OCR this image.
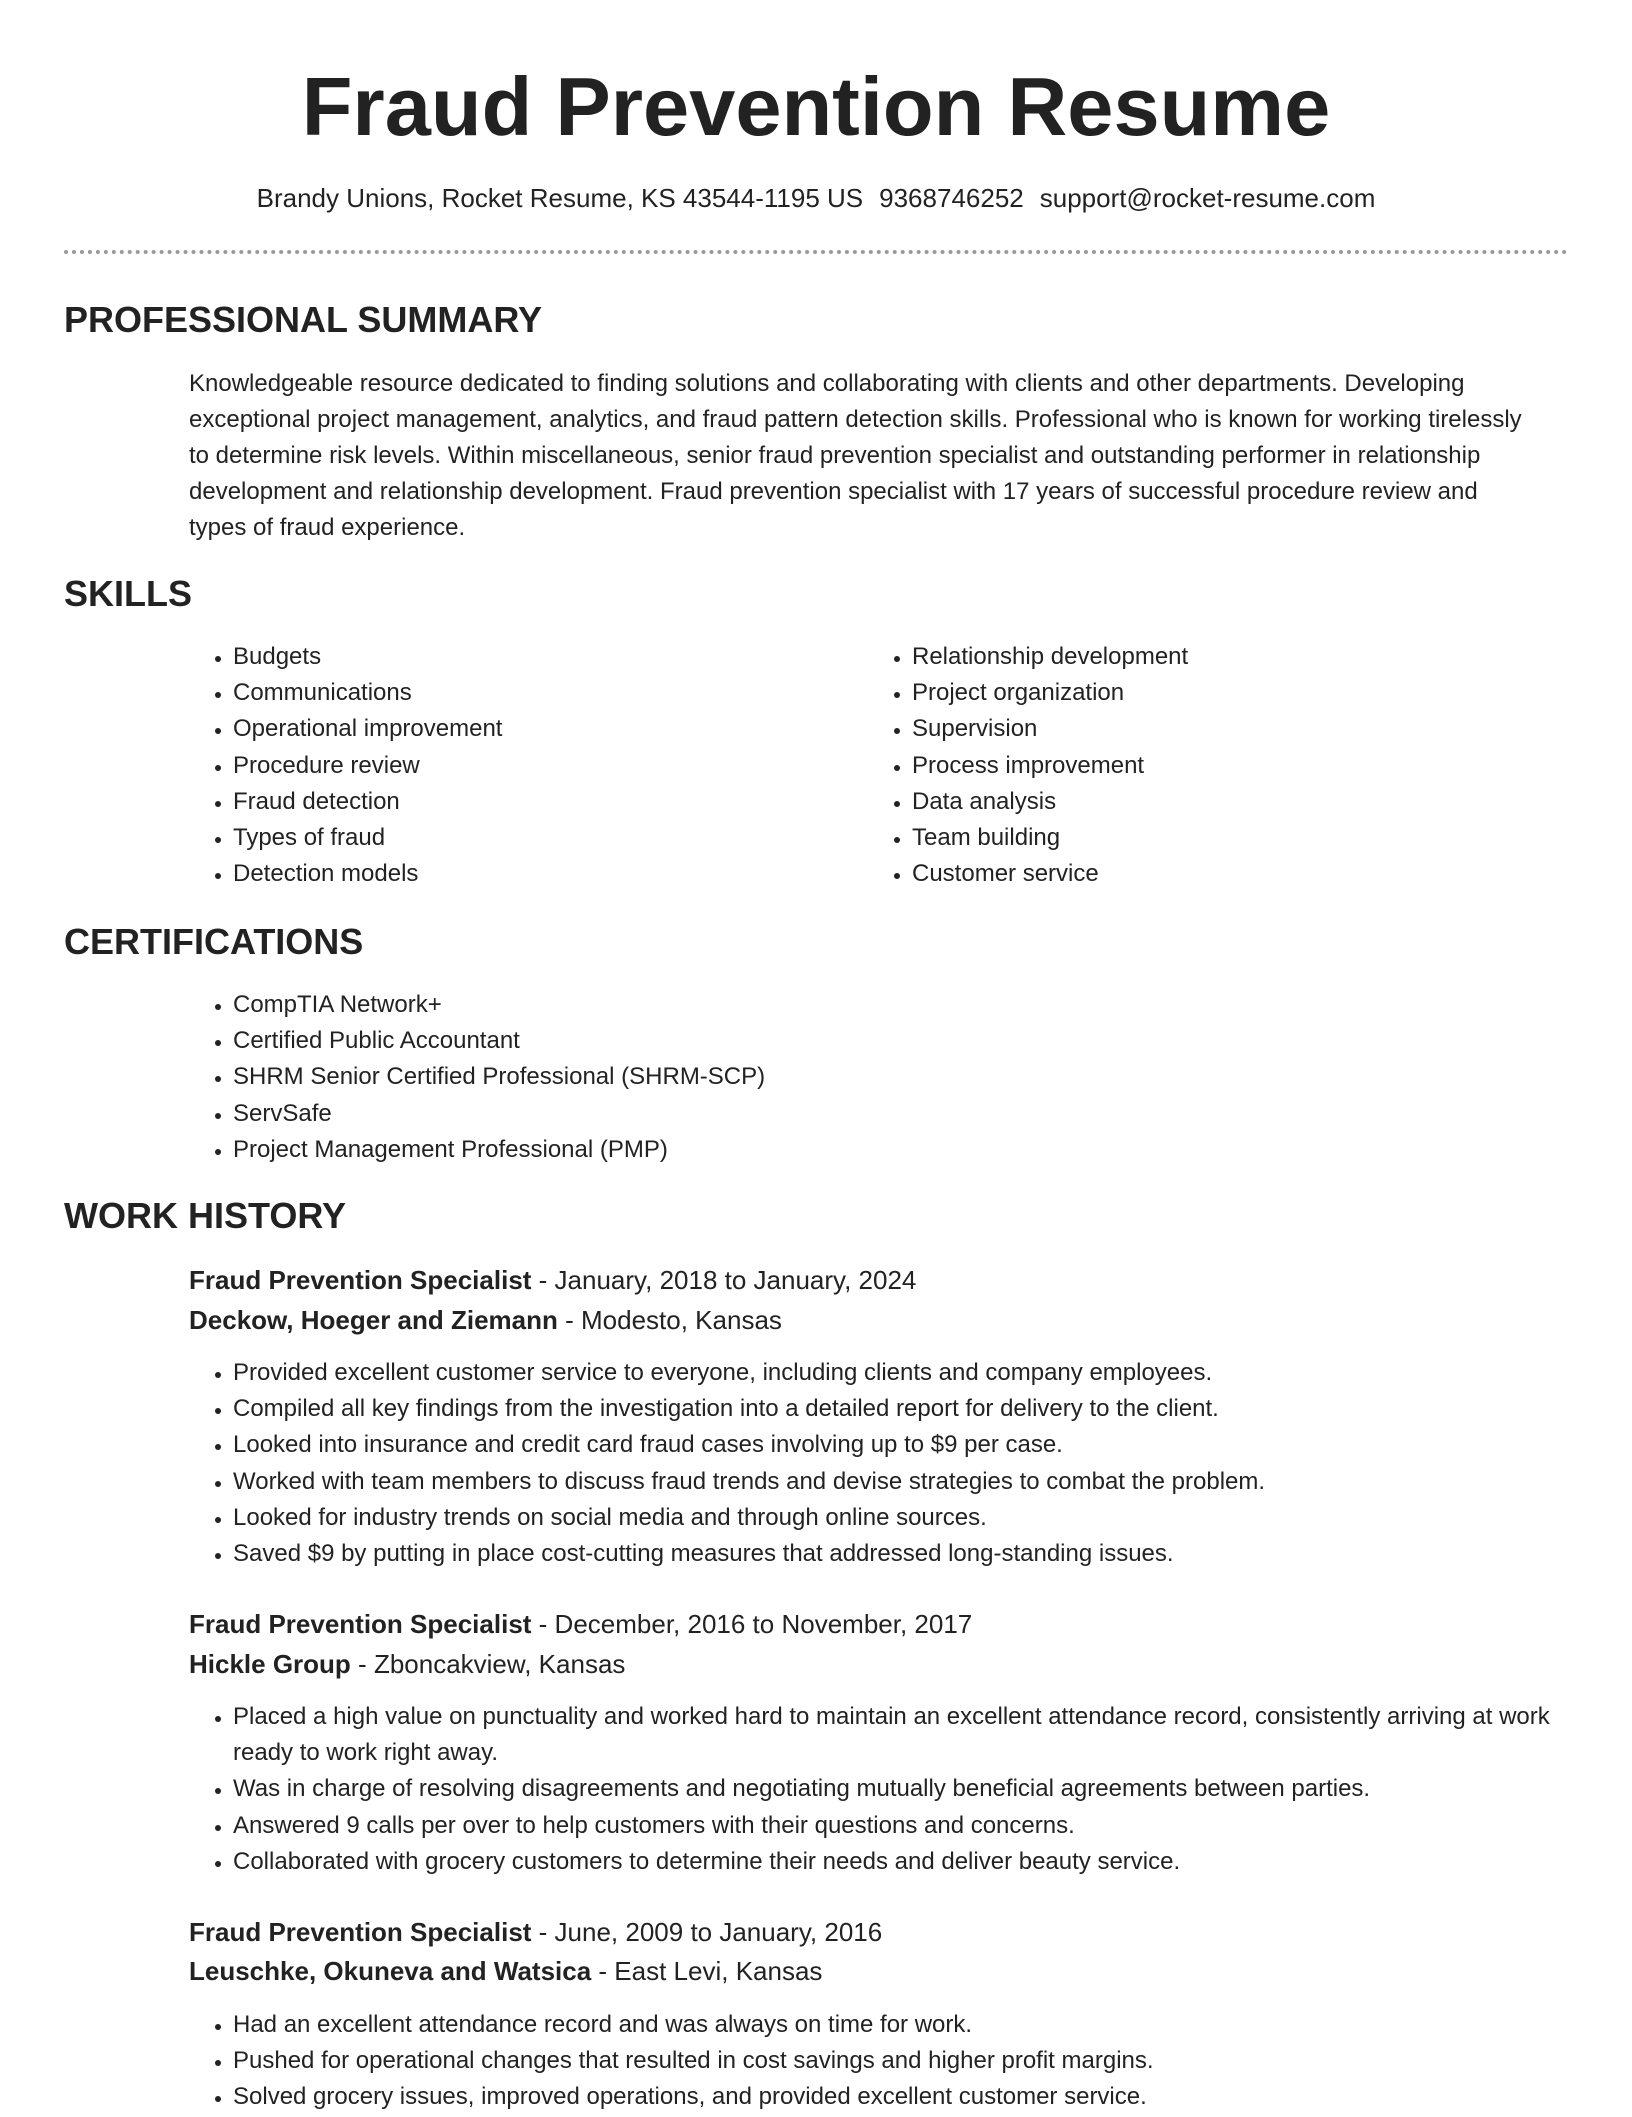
Fraud Prevention Resume
Brandy Unions, Rocket Resume, KS 43544-1195 US 9368746252 support@rocket-resume.com
PROFESSIONAL SUMMARY

Knowledgeable resource dedicated to finding solutions and collaborating with clients and other departments. Developing exceptional project management, analytics, and fraud pattern detection skills. Professional who is known for working tirelessly to determine risk levels. Within miscellaneous, senior fraud prevention specialist and outstanding performer in relationship development and relationship development. Fraud prevention specialist with 17 years of successful procedure review and types of fraud experience.

SKILLS
• Budgets
• Communications
• Operational improvement
• Procedure review
• Fraud detection
• Types of fraud
• Detection models
• Relationship development
• Project organization
• Supervision
• Process improvement
• Data analysis
• Team building
• Customer service
CERTIFICATIONS
• CompTIA Network+
• Certified Public Accountant
• SHRM Senior Certified Professional (SHRM-SCP)
• ServSafe
• Project Management Professional (PMP)
WORK HISTORY
Fraud Prevention Specialist - January, 2018 to January, 2024
Deckow, Hoeger and Ziemann - Modesto, Kansas
• Provided excellent customer service to everyone, including clients and company employees.
• Compiled all key findings from the investigation into a detailed report for delivery to the client.
• Looked into insurance and credit card fraud cases involving up to $9 per case.
• Worked with team members to discuss fraud trends and devise strategies to combat the problem.
• Looked for industry trends on social media and through online sources.
• Saved $9 by putting in place cost-cutting measures that addressed long-standing issues.
Fraud Prevention Specialist - December, 2016 to November, 2017
Hickle Group - Zboncakview, Kansas
• Placed a high value on punctuality and worked hard to maintain an excellent attendance record, consistently arriving at work ready to work right away.
• Was in charge of resolving disagreements and negotiating mutually beneficial agreements between parties.
• Answered 9 calls per over to help customers with their questions and concerns.
• Collaborated with grocery customers to determine their needs and deliver beauty service.
Fraud Prevention Specialist - June, 2009 to January, 2016
Leuschke, Okuneva and Watsica - East Levi, Kansas
• Had an excellent attendance record and was always on time for work.
• Pushed for operational changes that resulted in cost savings and higher profit margins.
• Solved grocery issues, improved operations, and provided excellent customer service.
